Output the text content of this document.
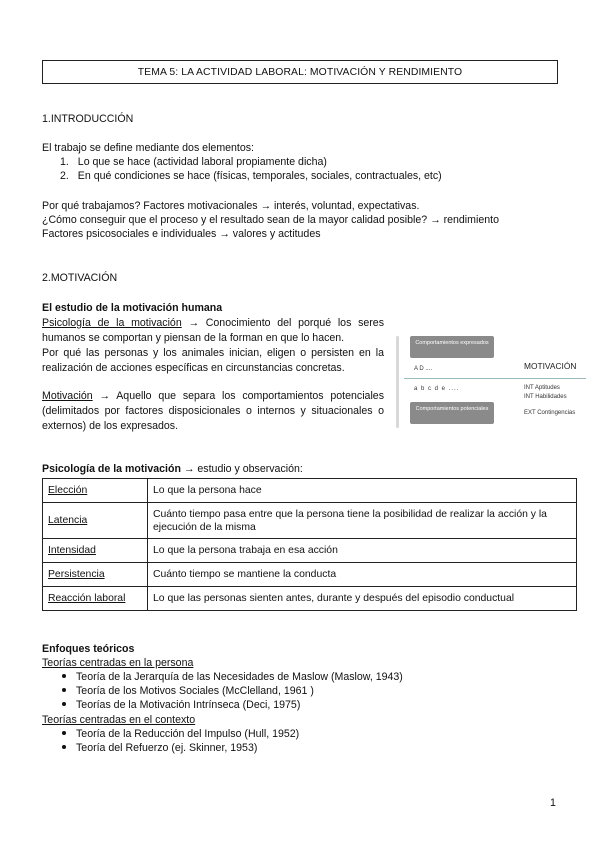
TEMA 5: LA ACTIVIDAD LABORAL: MOTIVACIÓN Y RENDIMIENTO
1.INTRODUCCIÓN
El trabajo se define mediante dos elementos:
1. Lo que se hace (actividad laboral propiamente dicha)
2. En qué condiciones se hace (físicas, temporales, sociales, contractuales, etc)
Por qué trabajamos? Factores motivacionales → interés, voluntad, expectativas.
¿Cómo conseguir que el proceso y el resultado sean de la mayor calidad posible? → rendimiento
Factores psicosociales e individuales → valores y actitudes
2.MOTIVACIÓN
El estudio de la motivación humana
Psicología de la motivación → Conocimiento del porqué los seres humanos se comportan y piensan de la forman en que lo hacen.
Por qué las personas y los animales inician, eligen o persisten en la realización de acciones específicas en circunstancias concretas.
Motivación → Aquello que separa los comportamientos potenciales (delimitados por factores disposicionales o internos y situacionales o externos) de los expresados.
Comportamientos expresados
A D ....
a b c d e ....
Comportamientos potenciales
MOTIVACIÓN
INT Aptitudes
INT Habilidades
EXT Contingencias
Psicología de la motivación → estudio y observación:
Elección	Lo que la persona hace
Latencia	Cuánto tiempo pasa entre que la persona tiene la posibilidad de realizar la acción y la ejecución de la misma
Intensidad	Lo que la persona trabaja en esa acción
Persistencia	Cuánto tiempo se mantiene la conducta
Reacción laboral	Lo que las personas sienten antes, durante y después del episodio conductual
Enfoques teóricos
Teorías centradas en la persona
Teoría de la Jerarquía de las Necesidades de Maslow (Maslow, 1943)
Teoría de los Motivos Sociales (McClelland, 1961 )
Teorías de la Motivación Intrínseca (Deci, 1975)
Teorías centradas en el contexto
Teoría de la Reducción del Impulso (Hull, 1952)
Teoría del Refuerzo (ej. Skinner, 1953)
1
